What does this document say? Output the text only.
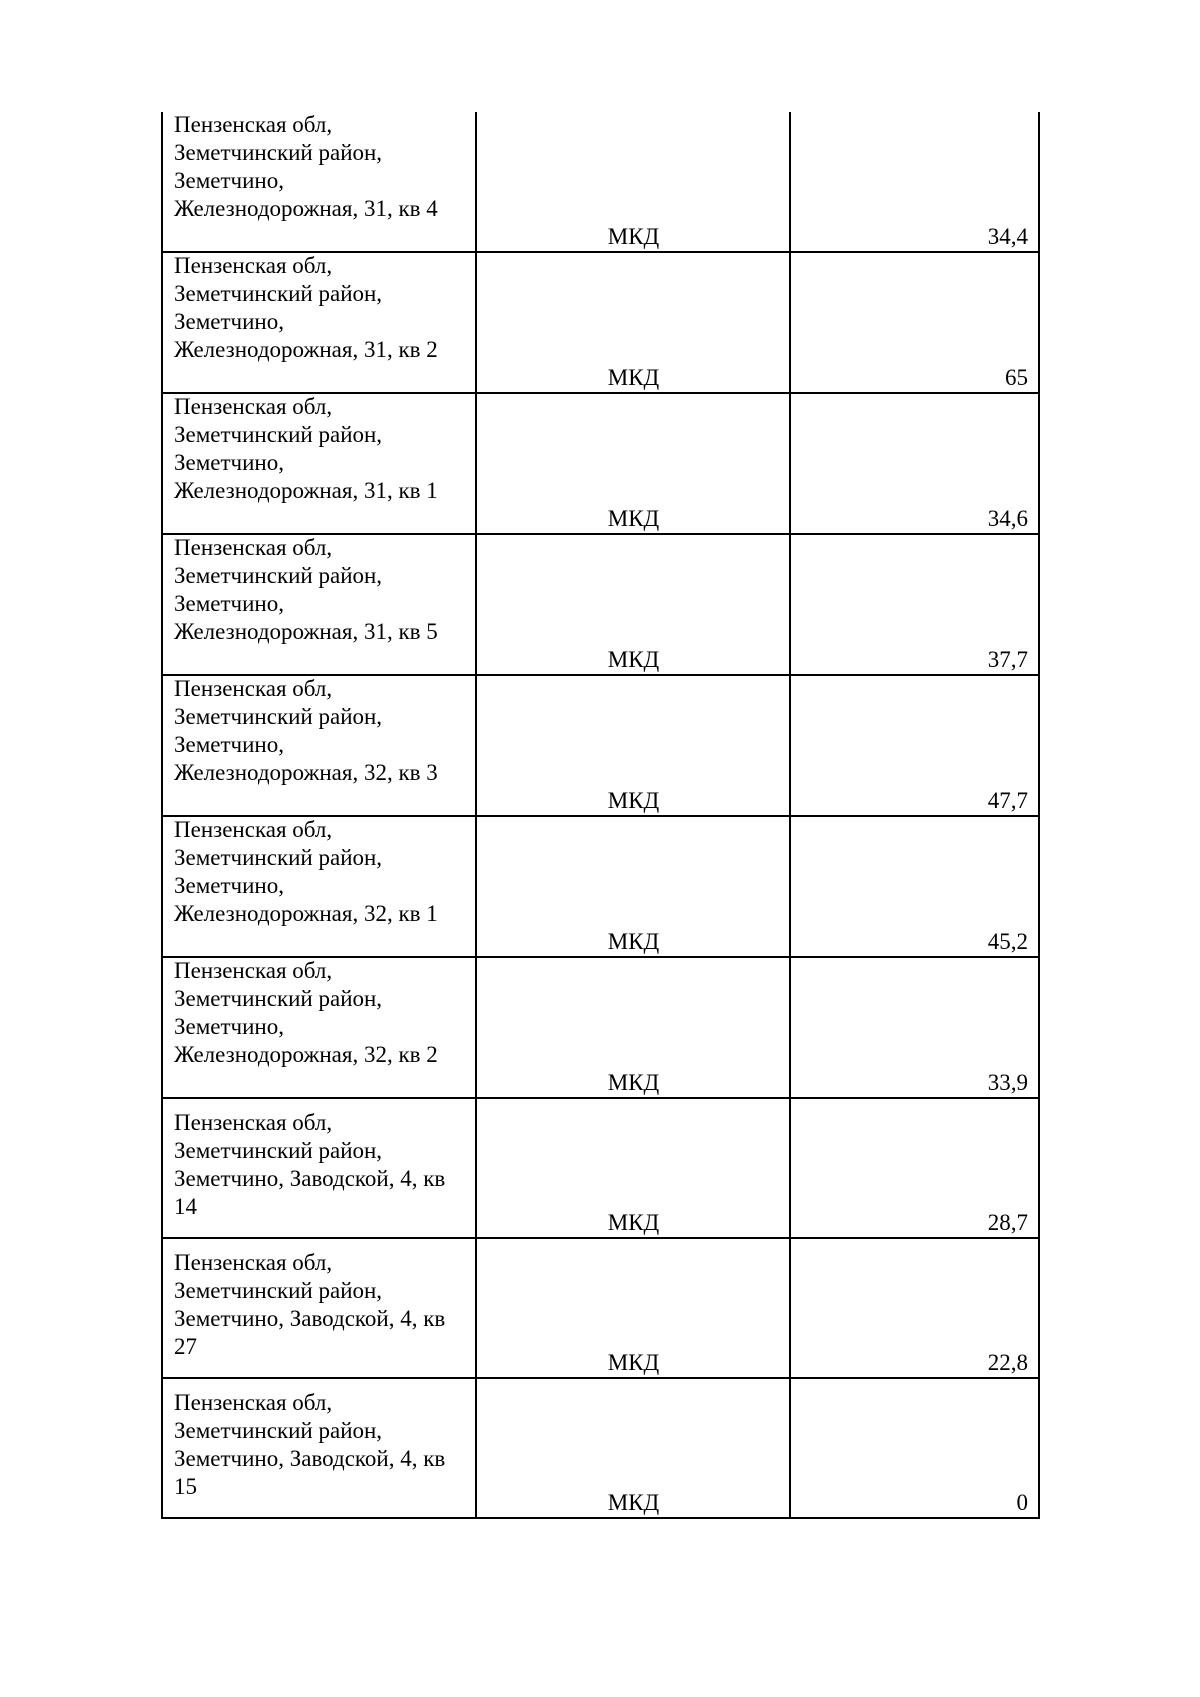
Пензенская обл, Земетчинский район, Земетчино, Железнодорожная, 31, кв 4	МКД	34,4

Пензенская обл, Земетчинский район, Земетчино, Железнодорожная, 31, кв 2	МКД	65

Пензенская обл, Земетчинский район, Земетчино, Железнодорожная, 31, кв 1	МКД	34,6

Пензенская обл, Земетчинский район, Земетчино, Железнодорожная, 31, кв 5	МКД	37,7

Пензенская обл, Земетчинский район, Земетчино, Железнодорожная, 32, кв 3	МКД	47,7

Пензенская обл, Земетчинский район, Земетчино, Железнодорожная, 32, кв 1	МКД	45,2

Пензенская обл, Земетчинский район, Земетчино, Железнодорожная, 32, кв 2	МКД	33,9

Пензенская обл, Земетчинский район, Земетчино, Заводской, 4, кв 14	МКД	28,7

Пензенская обл, Земетчинский район, Земетчино, Заводской, 4, кв 27	МКД	22,8

Пензенская обл, Земетчинский район, Земетчино, Заводской, 4, кв 15	МКД	0
